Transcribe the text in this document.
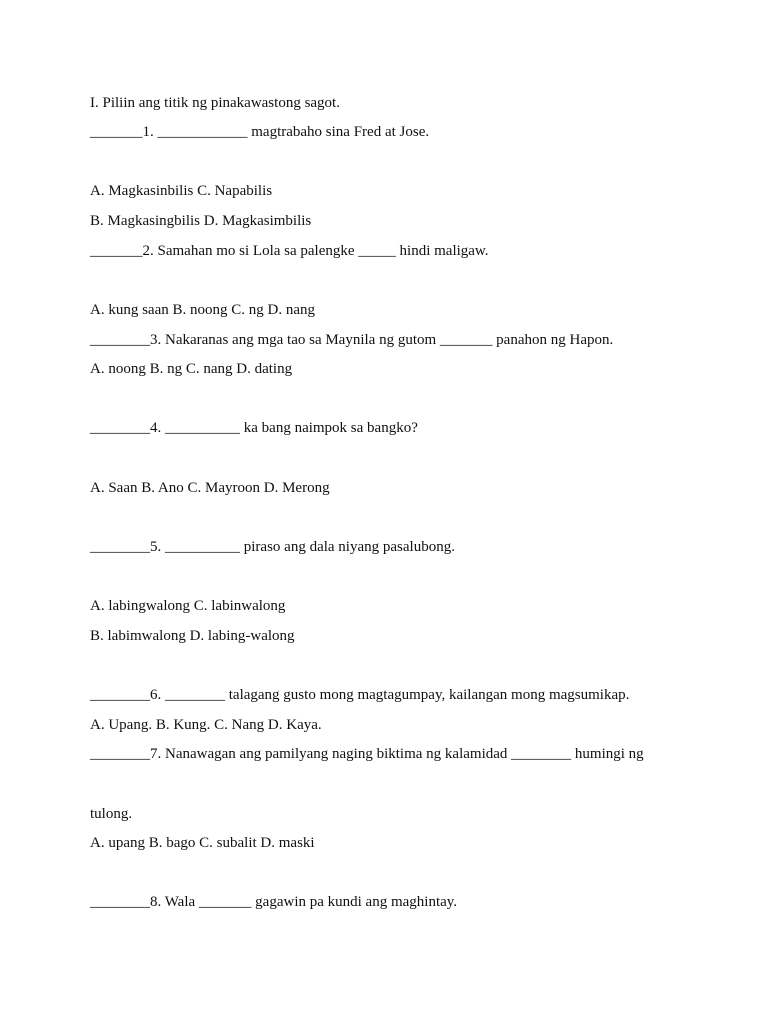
I. Piliin ang titik ng pinakawastong sagot.
_______1. ____________ magtrabaho sina Fred at Jose.
A. Magkasinbilis C. Napabilis
B. Magkasingbilis D. Magkasimbilis
_______2. Samahan mo si Lola sa palengke _____ hindi maligaw.
A. kung saan B. noong C. ng D. nang
________3. Nakaranas ang mga tao sa Maynila ng gutom _______ panahon ng Hapon.
A. noong B. ng C. nang D. dating
________4. __________ ka bang naimpok sa bangko?
A. Saan B. Ano C. Mayroon D. Merong
________5. __________ piraso ang dala niyang pasalubong.
A. labingwalong C. labinwalong
B. labimwalong D. labing-walong
________6. ________ talagang gusto mong magtagumpay, kailangan mong magsumikap.
A. Upang. B. Kung. C. Nang D. Kaya.
________7. Nanawagan ang pamilyang naging biktima ng kalamidad ________ humingi ng
tulong.
A. upang B. bago C. subalit D. maski
________8. Wala _______ gagawin pa kundi ang maghintay.
